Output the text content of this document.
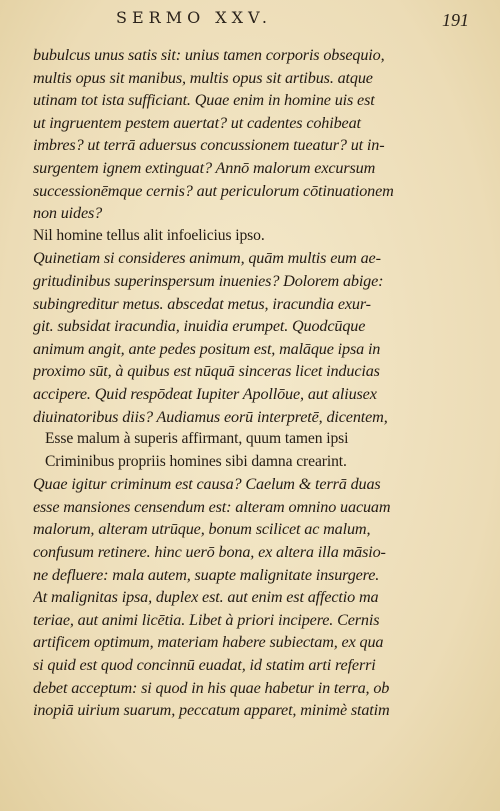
SERMO XXV.	191
bubulcus unus satis sit: unius tamen corporis obsequio,
multis opus sit manibus, multis opus sit artibus. atque
utinam tot ista sufficiant. Quae enim in homine uis est
ut ingruentem pestem auertat? ut cadentes cohibeat
imbres? ut terrā aduersus concussionem tueatur? ut in-
surgentem ignem extinguat? Annō malorum excursum
successionēmque cernis? aut periculorum cōtinuationem
non uides?
Nil homine tellus alit infoelicius ipso.
Quinetiam si consideres animum, quām multis eum ae-
gritudinibus superinspersum inuenies? Dolorem abige:
subingreditur metus. abscedat metus, iracundia exur-
git. subsidat iracundia, inuidia erumpet. Quodcūque
animum angit, ante pedes positum est, malāque ipsa in
proximo sūt, à quibus est nūquā sinceras licet inducias
accipere. Quid respōdeat Iupiter Apollōue, aut aliusex
diuinatoribus diis? Audiamus eorū interpretē, dicentem,
Esse malum à superis affirmant, quum tamen ipsi
Criminibus propriis homines sibi damna crearint.
Quae igitur criminum est causa? Caelum & terrā duas
esse mansiones censendum est: alteram omnino uacuam
malorum, alteram utrūque, bonum scilicet ac malum,
confusum retinere. hinc uerō bona, ex altera illa māsio-
ne defluere: mala autem, suapte malignitate insurgere.
At malignitas ipsa, duplex est. aut enim est affectio ma
teriae, aut animi licētia. Libet à priori incipere. Cernis
artificem optimum, materiam habere subiectam, ex qua
si quid est quod concinnū euadat, id statim arti referri
debet acceptum: si quod in his quae habetur in terra, ob
inopiā uirium suarum, peccatum apparet, minimè statim
